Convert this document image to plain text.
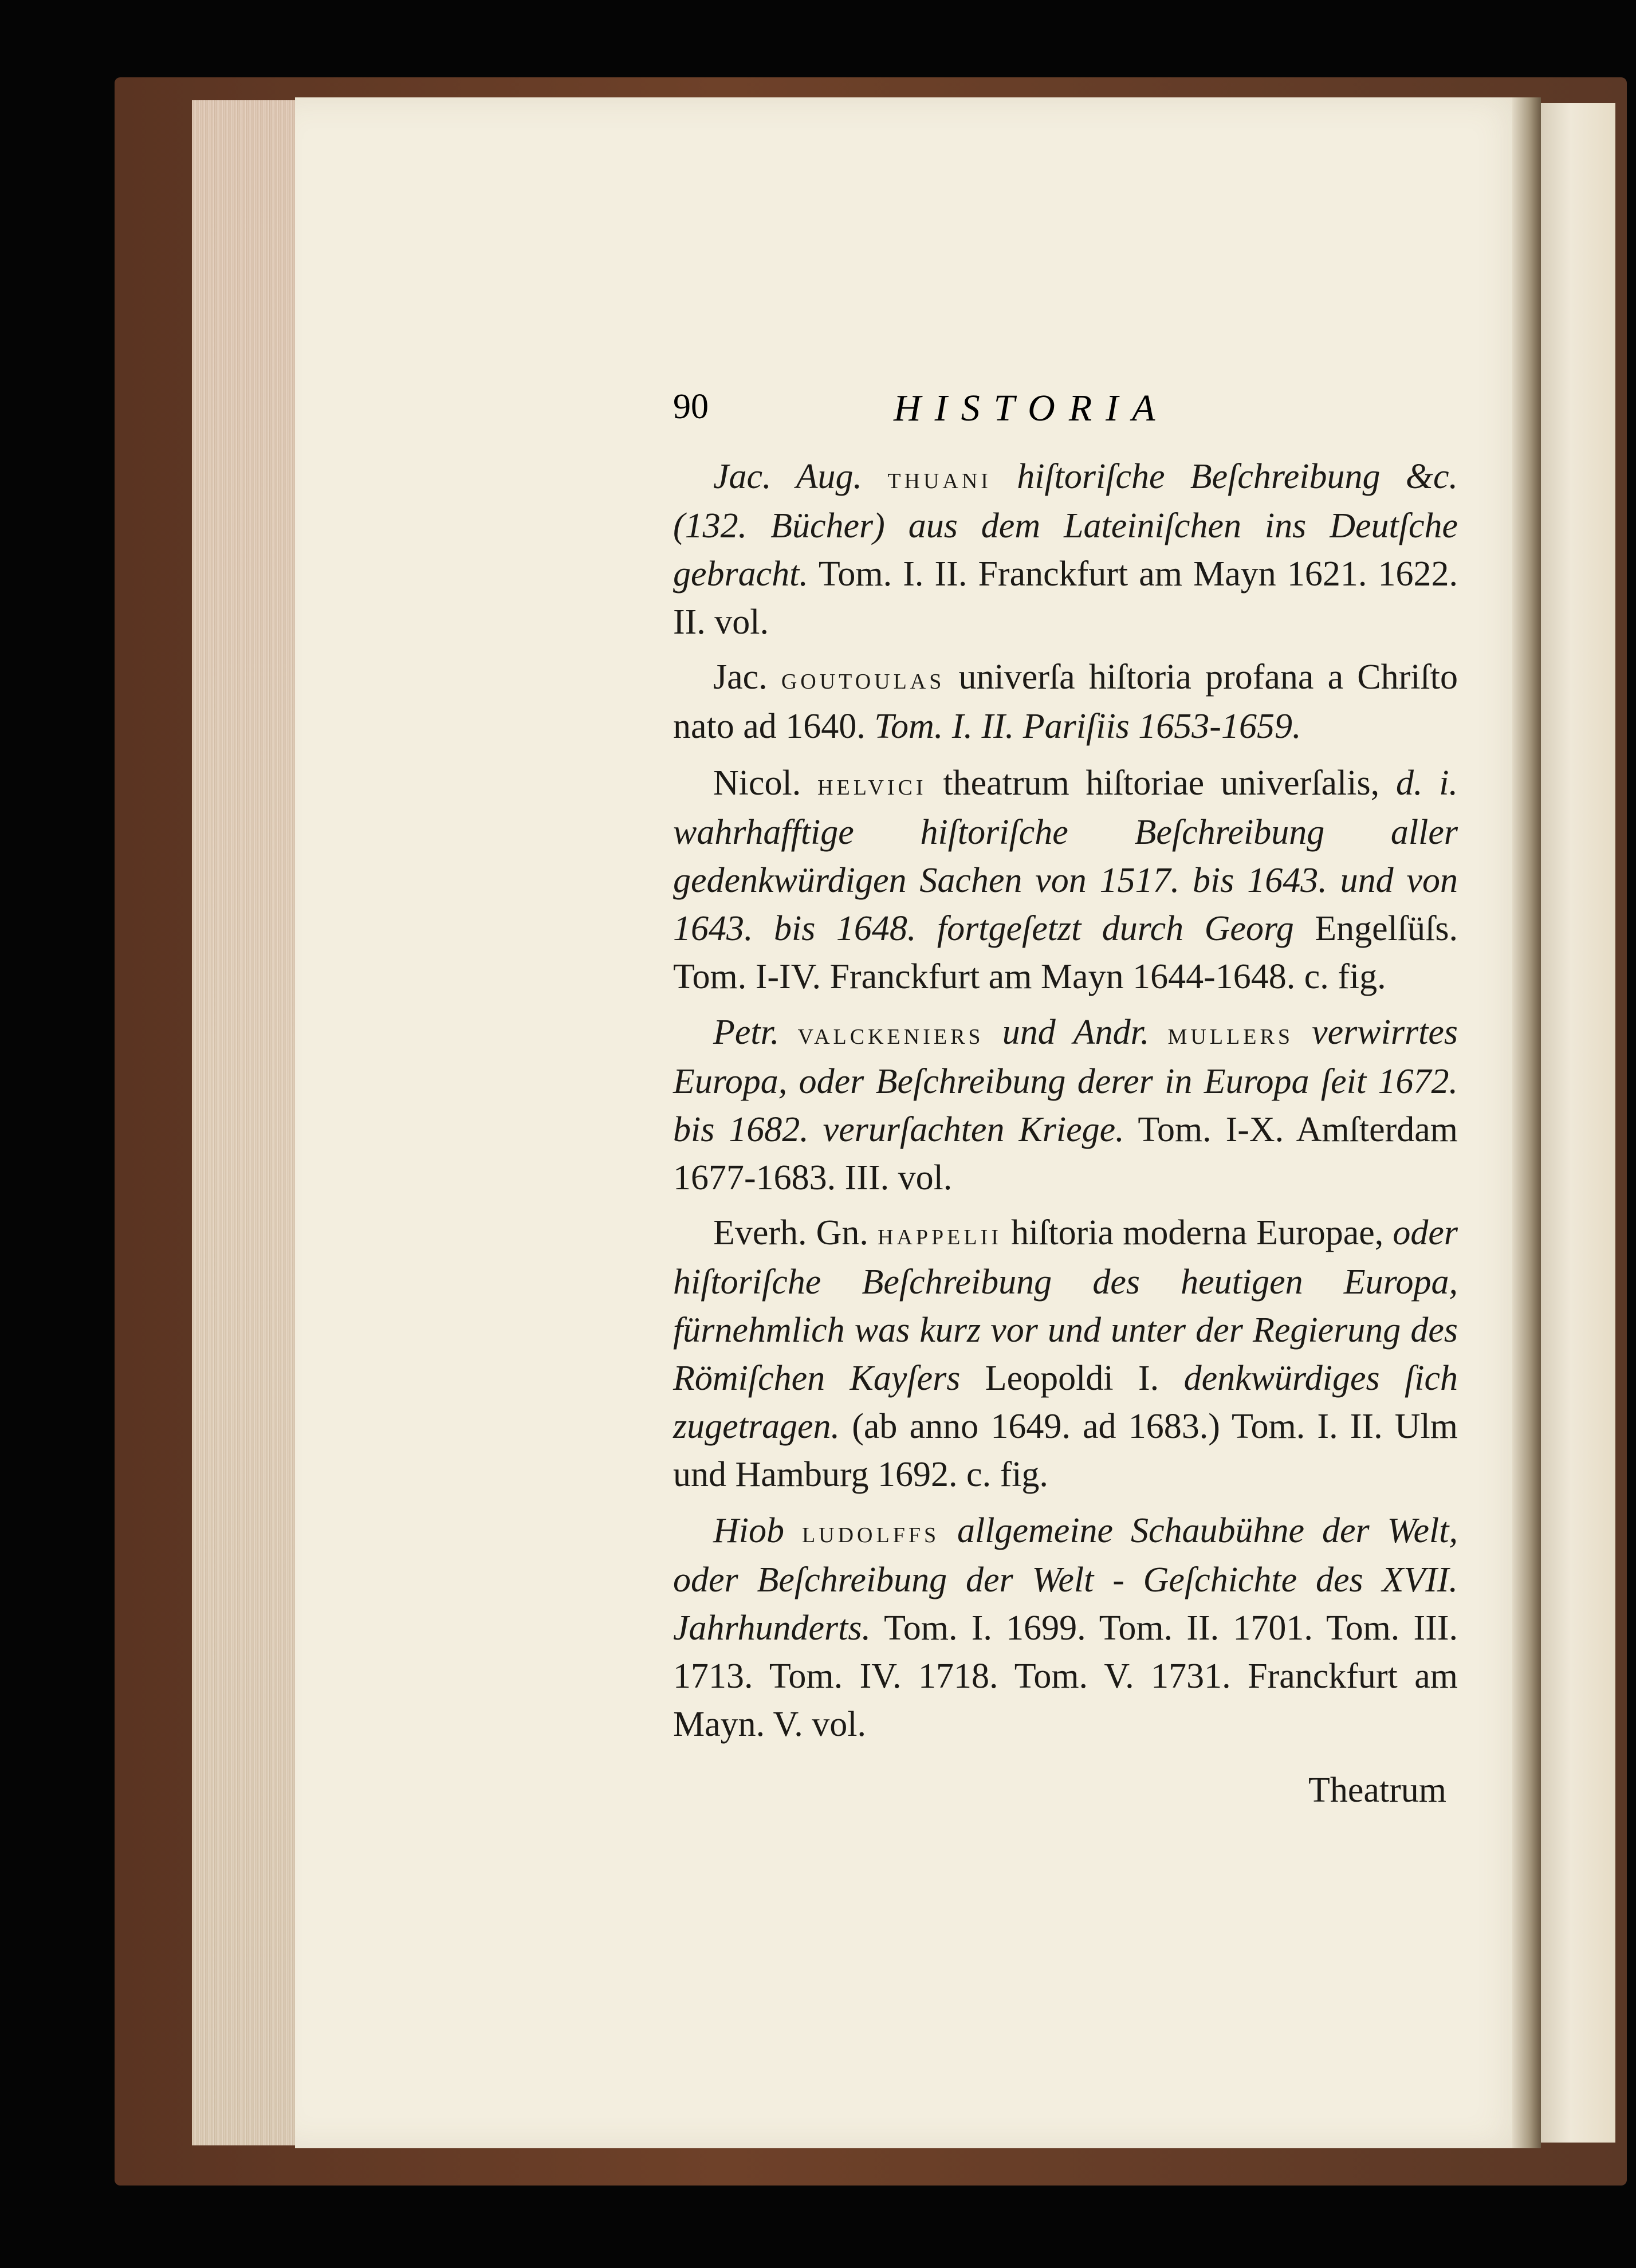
90	HISTORIA

Jac. Aug. thuani hiſtoriſche Beſchreibung &c. (132. Bücher) aus dem Lateiniſchen ins Deutſche gebracht. Tom. I. II. Franckfurt am Mayn 1621. 1622. II. vol.

Jac. goutoulas univerſa hiſtoria profana a Chriſto nato ad 1640. Tom. I. II. Pariſiis 1653-1659.

Nicol. helvici theatrum hiſtoriae univerſalis, d. i. wahrhafftige hiſtoriſche Beſchreibung aller gedenkwürdigen Sachen von 1517. bis 1643. und von 1643. bis 1648. fortgeſetzt durch Georg Engelſüſs. Tom. I-IV. Franckfurt am Mayn 1644-1648. c. fig.

Petr. valckeniers und Andr. mullers verwirrtes Europa, oder Beſchreibung derer in Europa ſeit 1672. bis 1682. verurſachten Kriege. Tom. I-X. Amſterdam 1677-1683. III. vol.

Everh. Gn. happelii hiſtoria moderna Europae, oder hiſtoriſche Beſchreibung des heutigen Europa, fürnehmlich was kurz vor und unter der Regierung des Römiſchen Kayſers Leopoldi I. denkwürdiges ſich zugetragen. (ab anno 1649. ad 1683.) Tom. I. II. Ulm und Hamburg 1692. c. fig.

Hiob ludolffs allgemeine Schaubühne der Welt, oder Beſchreibung der Welt - Geſchichte des XVII. Jahrhunderts. Tom. I. 1699. Tom. II. 1701. Tom. III. 1713. Tom. IV. 1718. Tom. V. 1731. Franckfurt am Mayn. V. vol.

Theatrum
